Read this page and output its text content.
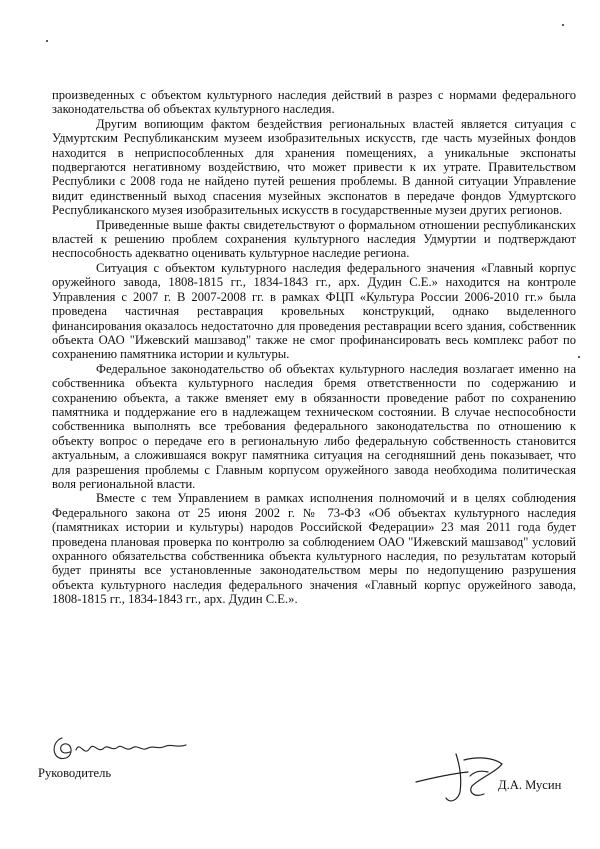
произведенных с объектом культурного наследия действий в разрез с нормами федерального законодательства об объектах культурного наследия.

Другим вопиющим фактом бездействия региональных властей является ситуация с Удмуртским Республиканским музеем изобразительных искусств, где часть музейных фондов находится в неприспособленных для хранения помещениях, а уникальные экспонаты подвергаются негативному воздействию, что может привести к их утрате. Правительством Республики с 2008 года не найдено путей решения проблемы. В данной ситуации Управление видит единственный выход спасения музейных экспонатов в передаче фондов Удмуртского Республиканского музея изобразительных искусств в государственные музеи других регионов.

Приведенные выше факты свидетельствуют о формальном отношении республиканских властей к решению проблем сохранения культурного наследия Удмуртии и подтверждают неспособность адекватно оценивать культурное наследие региона.

Ситуация с объектом культурного наследия федерального значения «Главный корпус оружейного завода, 1808-1815 гг., 1834-1843 гг., арх. Дудин С.Е.» находится на контроле Управления с 2007 г. В 2007-2008 гг. в рамках ФЦП «Культура России 2006-2010 гг.» была проведена частичная реставрация кровельных конструкций, однако выделенного финансирования оказалось недостаточно для проведения реставрации всего здания, собственник объекта ОАО "Ижевский машзавод" также не смог профинансировать весь комплекс работ по сохранению памятника истории и культуры.

Федеральное законодательство об объектах культурного наследия возлагает именно на собственника объекта культурного наследия бремя ответственности по содержанию и сохранению объекта, а также вменяет ему в обязанности проведение работ по сохранению памятника и поддержание его в надлежащем техническом состоянии. В случае неспособности собственника выполнять все требования федерального законодательства по отношению к объекту вопрос о передаче его в региональную либо федеральную собственность становится актуальным, а сложившаяся вокруг памятника ситуация на сегодняшний день показывает, что для разрешения проблемы с Главным корпусом оружейного завода необходима политическая воля региональной власти.

Вместе с тем Управлением в рамках исполнения полномочий и в целях соблюдения Федерального закона от 25 июня 2002 г. № 73-ФЗ «Об объектах культурного наследия (памятниках истории и культуры) народов Российской Федерации» 23 мая 2011 года будет проведена плановая проверка по контролю за соблюдением ОАО "Ижевский машзавод" условий охранного обязательства собственника объекта культурного наследия, по результатам который будет приняты все установленные законодательством меры по недопущению разрушения объекта культурного наследия федерального значения «Главный корпус оружейного завода, 1808-1815 гг., 1834-1843 гг., арх. Дудин С.Е.».

Руководитель
Д.А. Мусин
